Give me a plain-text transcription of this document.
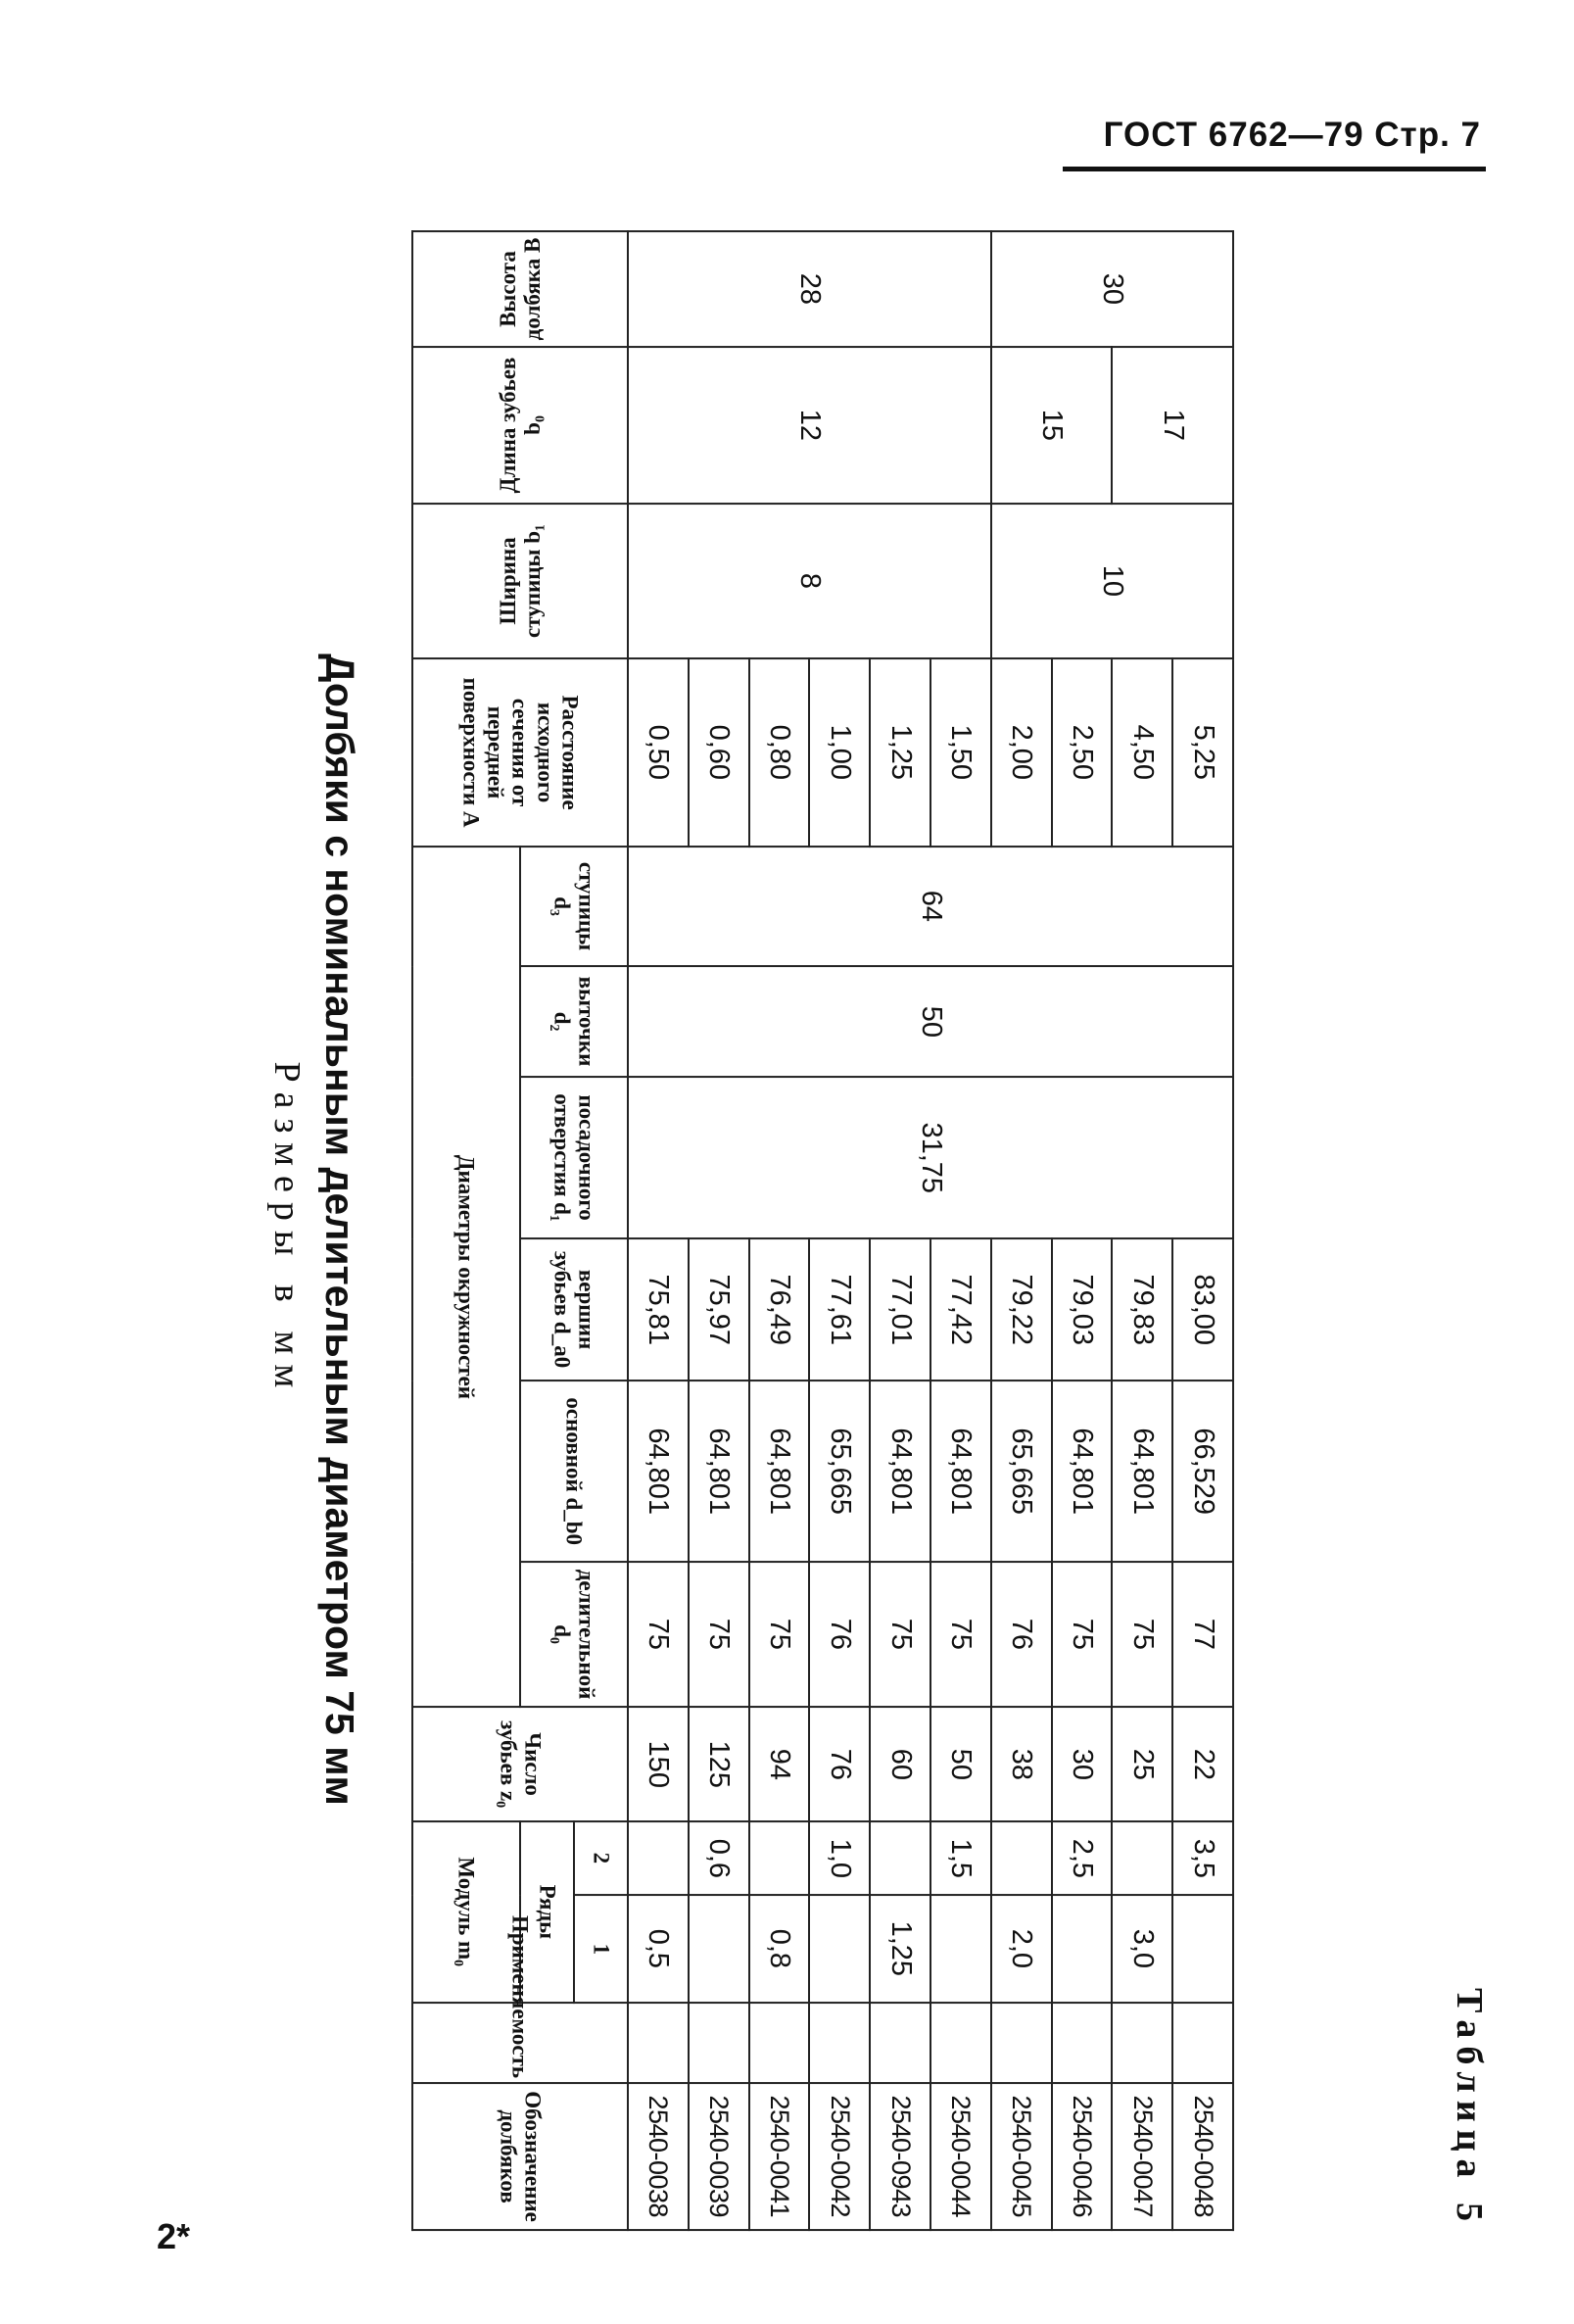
ГОСТ 6762—79 Стр. 7
2*
Таблица 5
Обозначение долбяков	Применяемость	Модуль m₀		Число зубьев z₀	Диаметры окружностей						Расстояние исходного сечения от передней поверхности A	Ширина ступицы b₁	Длина зубьев b₀	Высота долбяка B
		Ряды			делительной d₀	основной d_b0	вершин зубьев d_a0	посадочного отверстия d₁	выточки d₂	ступицы d₃				
		1	2											
2540-0038		0,5		150	75	64,801	75,81	31,75	50	64	0,50	8	12	28
2540-0039			0,6	125	75	64,801	75,97				0,60			
2540-0041		0,8		94	75	64,801	76,49				0,80			
2540-0042			1,0	76	76	65,665	77,61				1,00			
2540-0943		1,25		60	75	64,801	77,01				1,25			
2540-0044			1,5	50	75	64,801	77,42				1,50			
2540-0045		2,0		38	76	65,665	79,22				2,00	10	15	30
2540-0046			2,5	30	75	64,801	79,03				2,50			
2540-0047		3,0		25	75	64,801	79,83				4,50		17	
2540-0048			3,5	22	77	66,529	83,00				5,25			
Долбяки с номинальным делительным диаметром 75 мм
Размеры в мм
